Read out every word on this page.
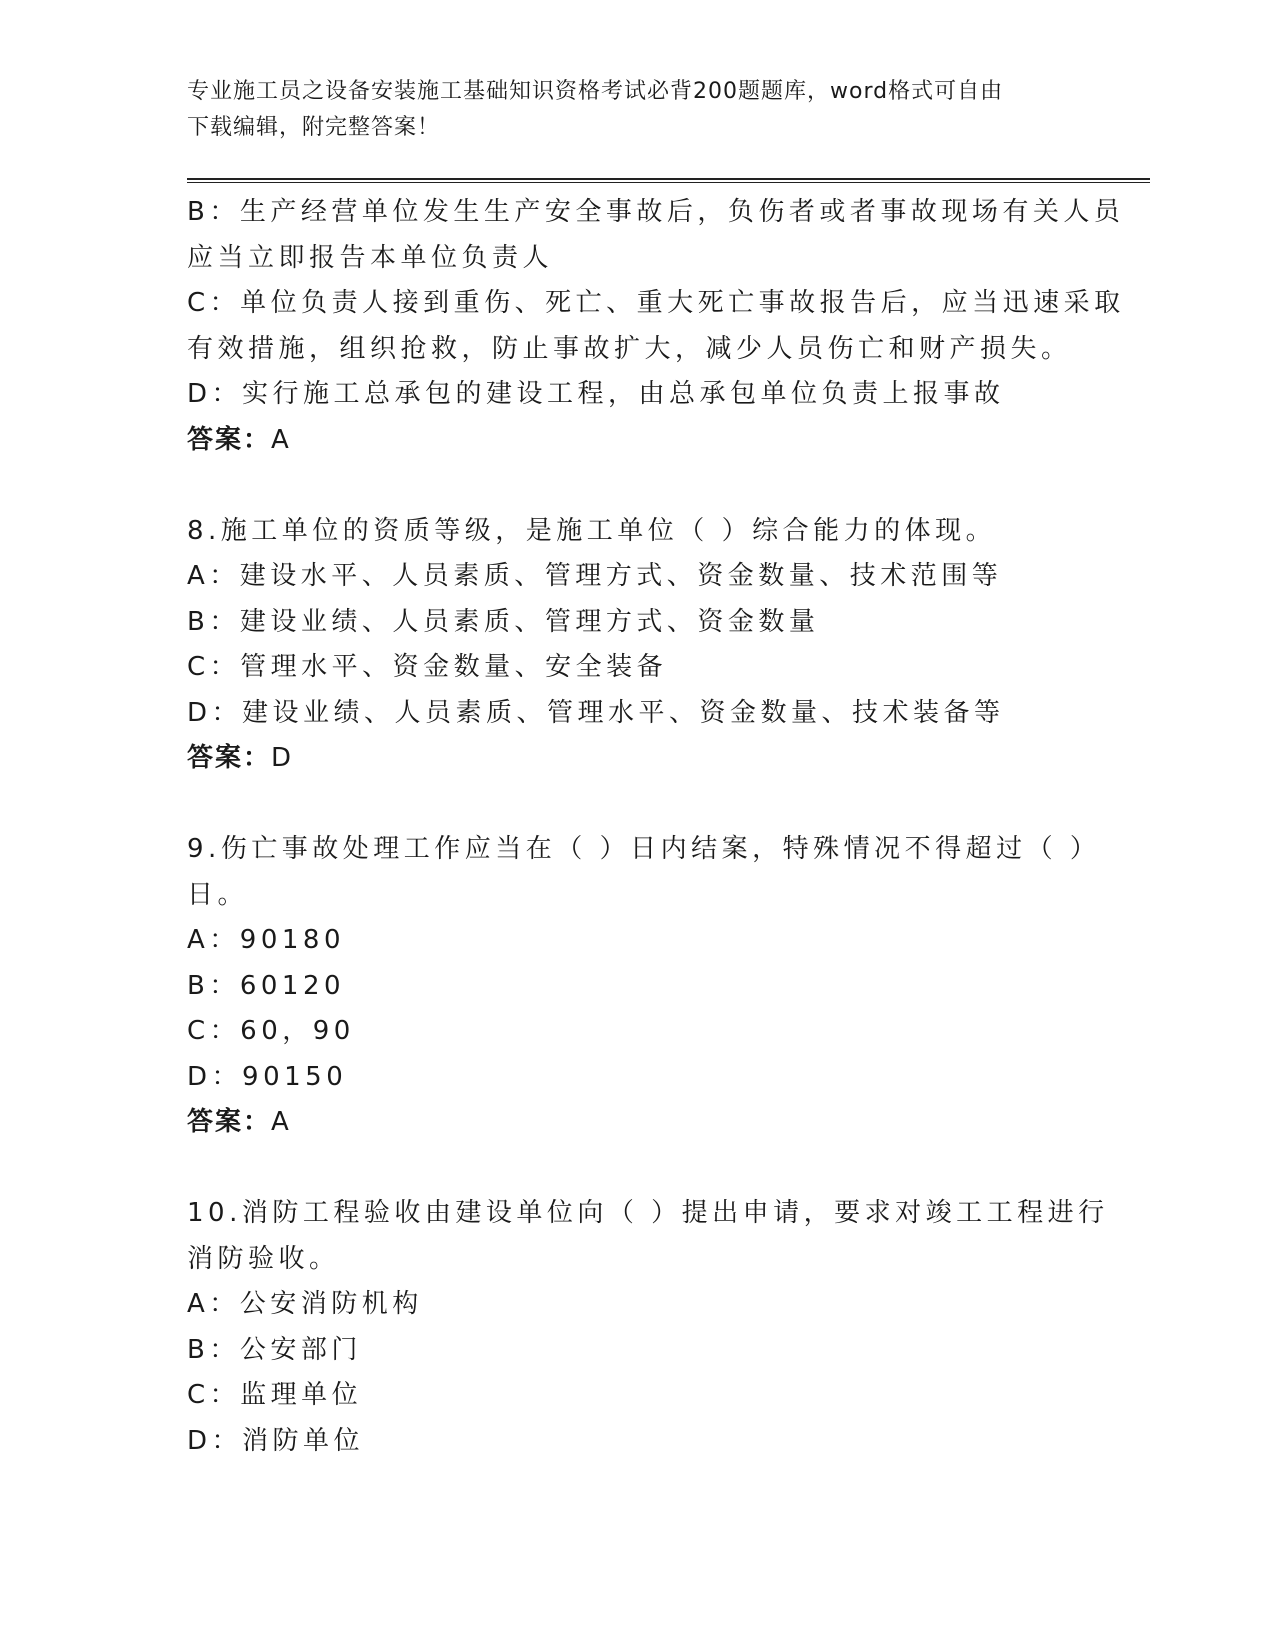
专业施工员之设备安装施工基础知识资格考试必背200题题库，word格式可自由
下载编辑，附完整答案！
B：生产经营单位发生生产安全事故后，负伤者或者事故现场有关人员
应当立即报告本单位负责人
C：单位负责人接到重伤、死亡、重大死亡事故报告后，应当迅速采取
有效措施，组织抢救，防止事故扩大，减少人员伤亡和财产损失。
D：实行施工总承包的建设工程，由总承包单位负责上报事故
答案：A
8.施工单位的资质等级，是施工单位（ ）综合能力的体现。
A：建设水平、人员素质、管理方式、资金数量、技术范围等
B：建设业绩、人员素质、管理方式、资金数量
C：管理水平、资金数量、安全装备
D：建设业绩、人员素质、管理水平、资金数量、技术装备等
答案：D
9.伤亡事故处理工作应当在（ ）日内结案，特殊情况不得超过（ ）
日。
A：90180
B：60120
C：60，90
D：90150
答案：A
10.消防工程验收由建设单位向（ ）提出申请，要求对竣工工程进行
消防验收。
A：公安消防机构
B：公安部门
C：监理单位
D：消防单位
